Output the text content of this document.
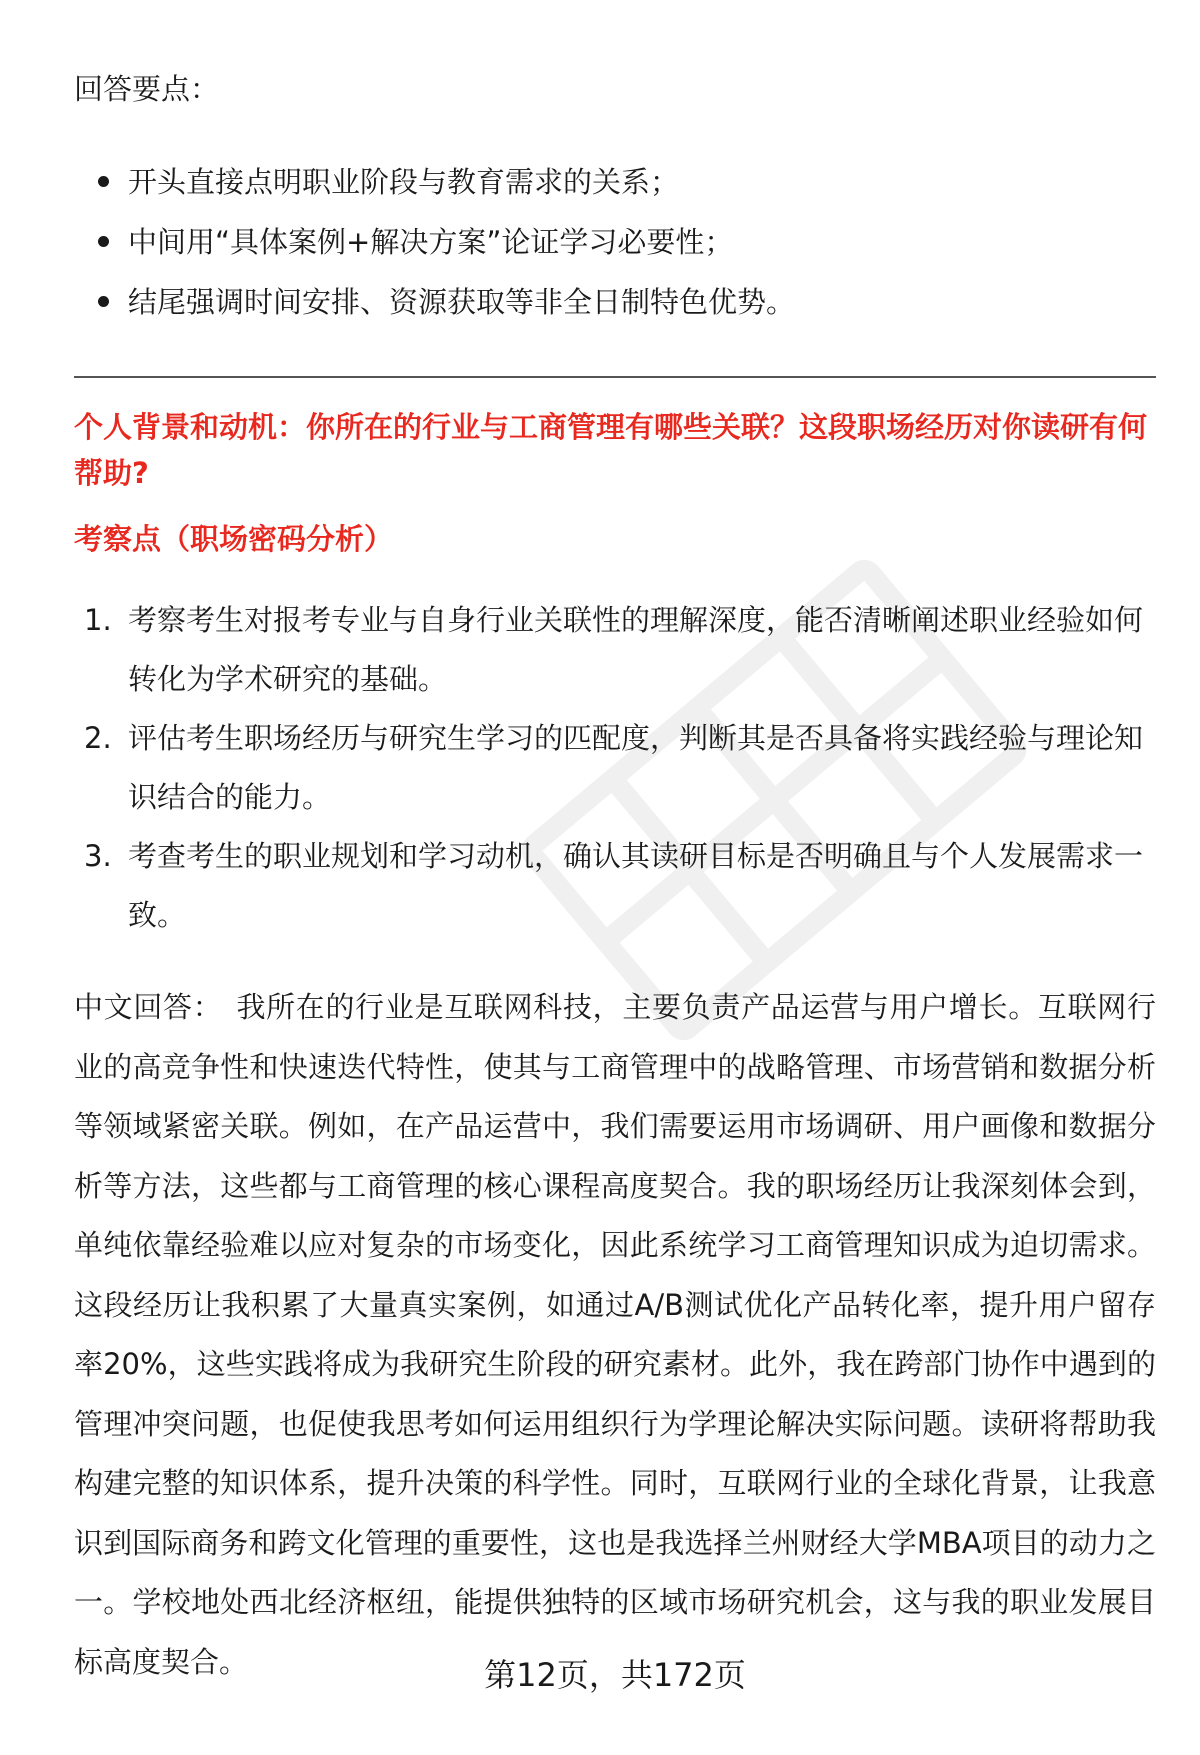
回答要点：
开头直接点明职业阶段与教育需求的关系；
中间用“具体案例+解决方案”论证学习必要性；
结尾强调时间安排、资源获取等非全日制特色优势。
个人背景和动机：你所在的行业与工商管理有哪些关联？这段职场经历对你读研有何帮助?
考察点（职场密码分析）
1. 考察考生对报考专业与自身行业关联性的理解深度，能否清晰阐述职业经验如何转化为学术研究的基础。
2. 评估考生职场经历与研究生学习的匹配度，判断其是否具备将实践经验与理论知识结合的能力。
3. 考查考生的职业规划和学习动机，确认其读研目标是否明确且与个人发展需求一致。
中文回答： 我所在的行业是互联网科技，主要负责产品运营与用户增长。互联网行业的高竞争性和快速迭代特性，使其与工商管理中的战略管理、市场营销和数据分析等领域紧密关联。例如，在产品运营中，我们需要运用市场调研、用户画像和数据分析等方法，这些都与工商管理的核心课程高度契合。我的职场经历让我深刻体会到，单纯依靠经验难以应对复杂的市场变化，因此系统学习工商管理知识成为迫切需求。这段经历让我积累了大量真实案例，如通过A/B测试优化产品转化率，提升用户留存率20%，这些实践将成为我研究生阶段的研究素材。此外，我在跨部门协作中遇到的管理冲突问题，也促使我思考如何运用组织行为学理论解决实际问题。读研将帮助我构建完整的知识体系，提升决策的科学性。同时，互联网行业的全球化背景，让我意识到国际商务和跨文化管理的重要性，这也是我选择兰州财经大学MBA项目的动力之一。学校地处西北经济枢纽，能提供独特的区域市场研究机会，这与我的职业发展目标高度契合。	第12页，共172页
